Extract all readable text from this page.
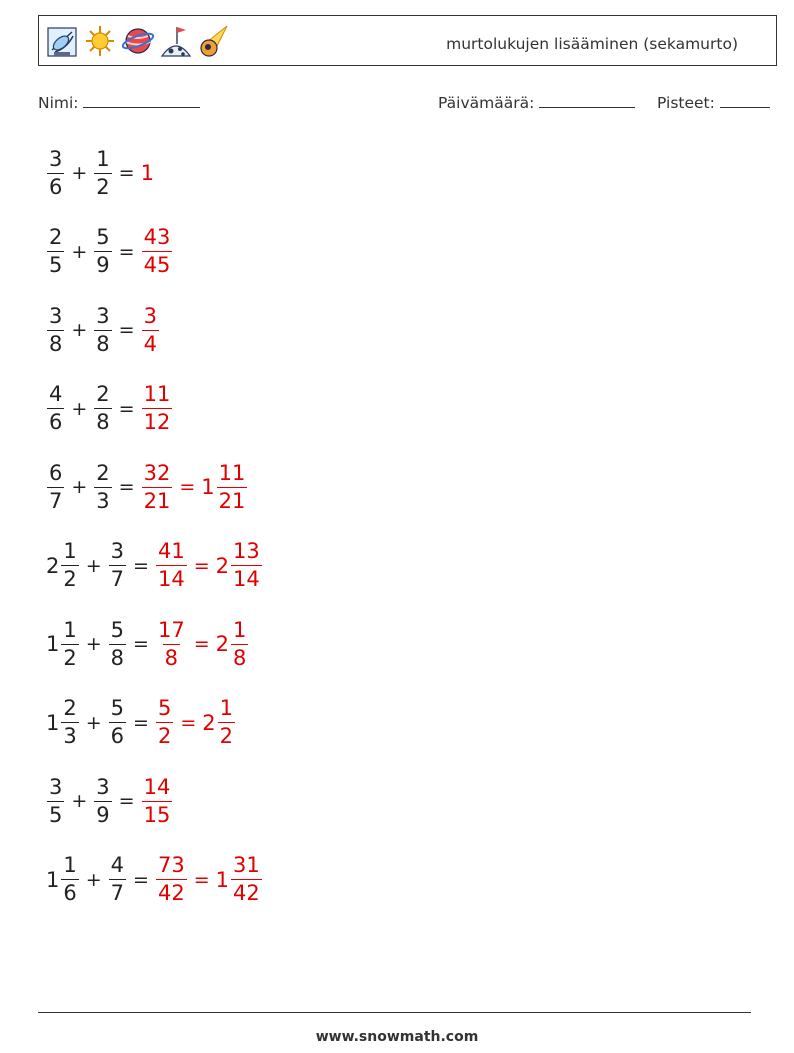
murtolukujen lisääminen (sekamurto)
Nimi:	Päivämäärä:	Pisteet:
$\frac{3}{6} + \frac{1}{2} = 1$
$\frac{2}{5} + \frac{5}{9} = \frac{43}{45}$
$\frac{3}{8} + \frac{3}{8} = \frac{3}{4}$
$\frac{4}{6} + \frac{2}{8} = \frac{11}{12}$
$\frac{6}{7} + \frac{2}{3} = \frac{32}{21} = 1 \frac{11}{21}$
$2 \frac{1}{2} + \frac{3}{7} = \frac{41}{14} = 2 \frac{13}{14}$
$1 \frac{1}{2} + \frac{5}{8} = \frac{17}{8} = 2 \frac{1}{8}$
$1 \frac{2}{3} + \frac{5}{6} = \frac{5}{2} = 2 \frac{1}{2}$
$\frac{3}{5} + \frac{3}{9} = \frac{14}{15}$
$1 \frac{1}{6} + \frac{4}{7} = \frac{73}{42} = 1 \frac{31}{42}$
www.snowmath.com
